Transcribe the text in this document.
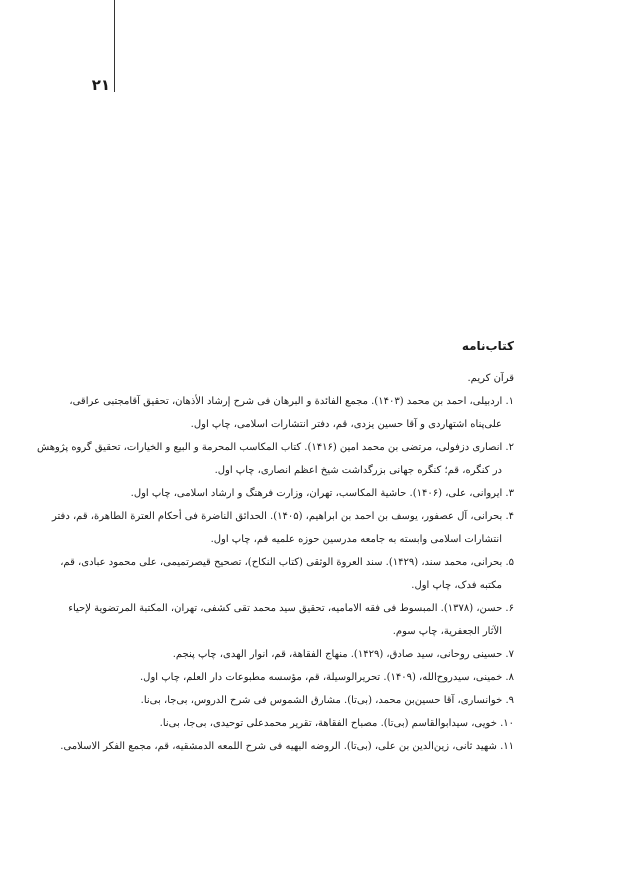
۲۱
کتاب‌نامه

قرآن کریم.

۱. اردبیلی، احمد بن محمد (۱۴۰۳). مجمع الفائدة و البرهان فی شرح إرشاد الأذهان، تحقیق آقامجتبی عراقی،
علی‌پناه اشتهاردی و آقا حسین یزدی، قم، دفتر انتشارات اسلامی، چاپ اول.

۲. انصاری دزفولی، مرتضی بن محمد امین (۱۴۱۶). کتاب المکاسب المحرمة و البیع و الخیارات، تحقیق گروه پژوهش
در کنگره، قم؛ کنگره جهانی بزرگداشت شیخ اعظم انصاری، چاپ اول.

۳. ایروانی، علی، (۱۴۰۶). حاشیة المکاسب، تهران، وزارت فرهنگ و ارشاد اسلامی، چاپ اول.

۴. بحرانی، آل عصفور، یوسف بن احمد بن ابراهیم، (۱۴۰۵). الحدائق الناضرة فی أحکام العترة الطاهرة، قم، دفتر
انتشارات اسلامی وابسته به جامعه مدرسین حوزه علمیه قم، چاپ اول.

۵. بحرانی، محمد سند، (۱۴۲۹). سند العروة الوثقی (کتاب النکاح)، تصحیح قیصرتمیمی، علی محمود عبادی، قم،
مکتبه فدک، چاپ اول.

۶. حسن، (۱۳۷۸). المبسوط فی فقه الامامیه، تحقیق سید محمد تقی کشفی، تهران، المکتبة المرتضویة لإحیاء
الآثار الجعفریة، چاپ سوم.

۷. حسینی روحانی، سید صادق، (۱۴۲۹). منهاج الفقاهة، قم، انوار الهدی، چاپ پنجم.

۸. خمینی، سیدروح‌الله، (۱۴۰۹). تحریرالوسیلة، قم، مؤسسه مطبوعات دار العلم، چاپ اول.

۹. خوانساری، آقا حسین‌بن محمد، (بی‌تا). مشارق الشموس فی شرح الدروس، بی‌جا، بی‌نا.

۱۰. خویی، سیدابوالقاسم (بی‌تا). مصباح الفقاهة، تقریر محمدعلی توحیدی، بی‌جا، بی‌نا.

۱۱. شهید ثانی، زین‌الدین بن علی، (بی‌تا). الروضه البهیه فی شرح اللمعه الدمشقیه، قم، مجمع الفکر الاسلامی.
